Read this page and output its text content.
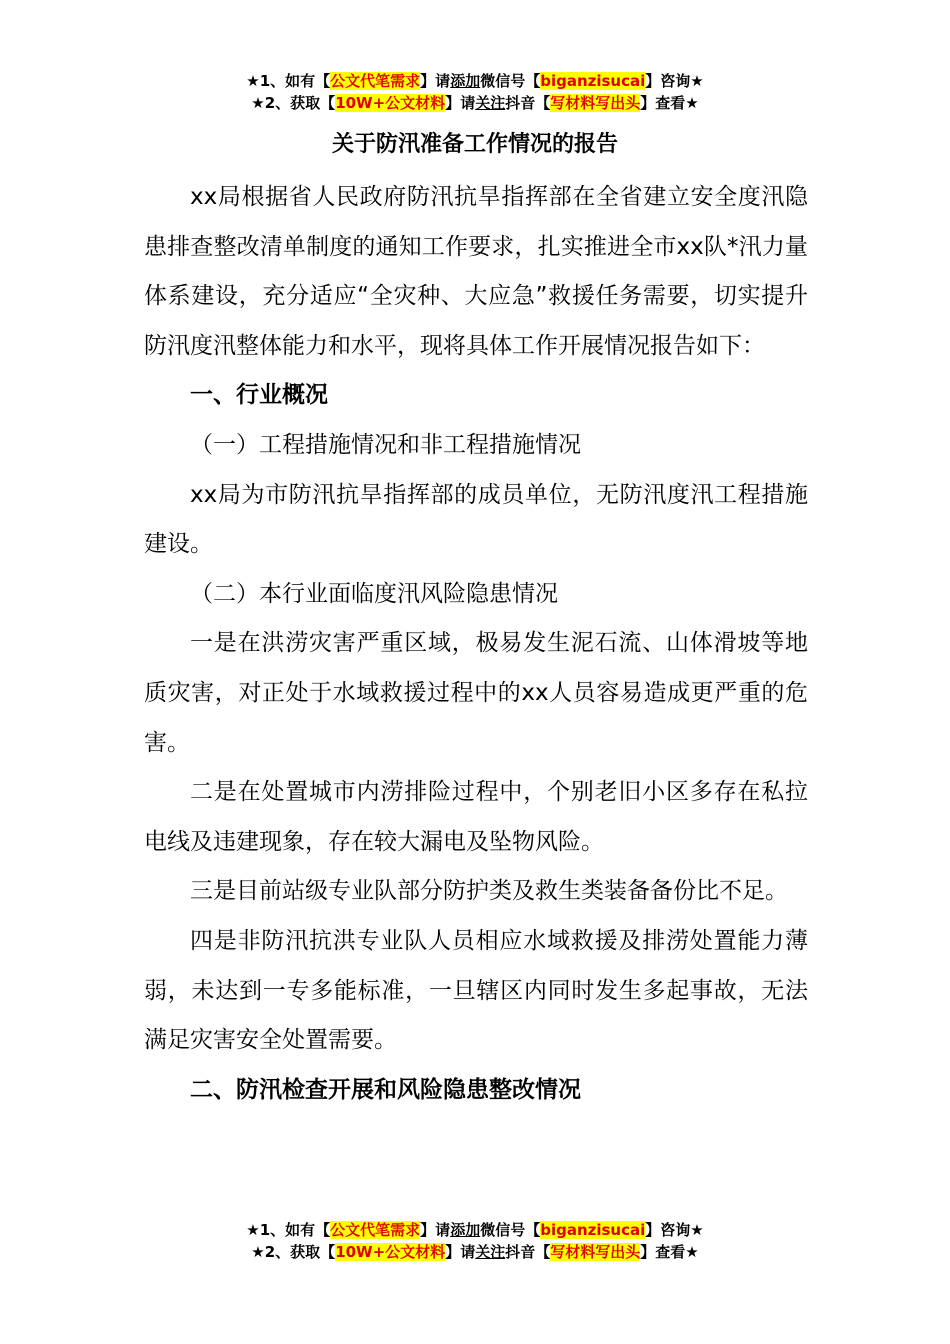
★1、如有【公文代笔需求】请添加微信号【biganzisucai】咨询★
★2、获取【10W+公文材料】请关注抖音【写材料写出头】查看★
关于防汛准备工作情况的报告

xx局根据省人民政府防汛抗旱指挥部在全省建立安全度汛隐患排查整改清单制度的通知工作要求，扎实推进全市xx队*汛力量体系建设，充分适应“全灾种、大应急”救援任务需要，切实提升防汛度汛整体能力和水平，现将具体工作开展情况报告如下：

一、行业概况

（一）工程措施情况和非工程措施情况

xx局为市防汛抗旱指挥部的成员单位，无防汛度汛工程措施建设。

（二）本行业面临度汛风险隐患情况

一是在洪涝灾害严重区域，极易发生泥石流、山体滑坡等地质灾害，对正处于水域救援过程中的xx人员容易造成更严重的危害。

二是在处置城市内涝排险过程中，个别老旧小区多存在私拉电线及违建现象，存在较大漏电及坠物风险。

三是目前站级专业队部分防护类及救生类装备备份比不足。

四是非防汛抗洪专业队人员相应水域救援及排涝处置能力薄弱，未达到一专多能标准，一旦辖区内同时发生多起事故，无法满足灾害安全处置需要。

二、防汛检查开展和风险隐患整改情况

★1、如有【公文代笔需求】请添加微信号【biganzisucai】咨询★
★2、获取【10W+公文材料】请关注抖音【写材料写出头】查看★
